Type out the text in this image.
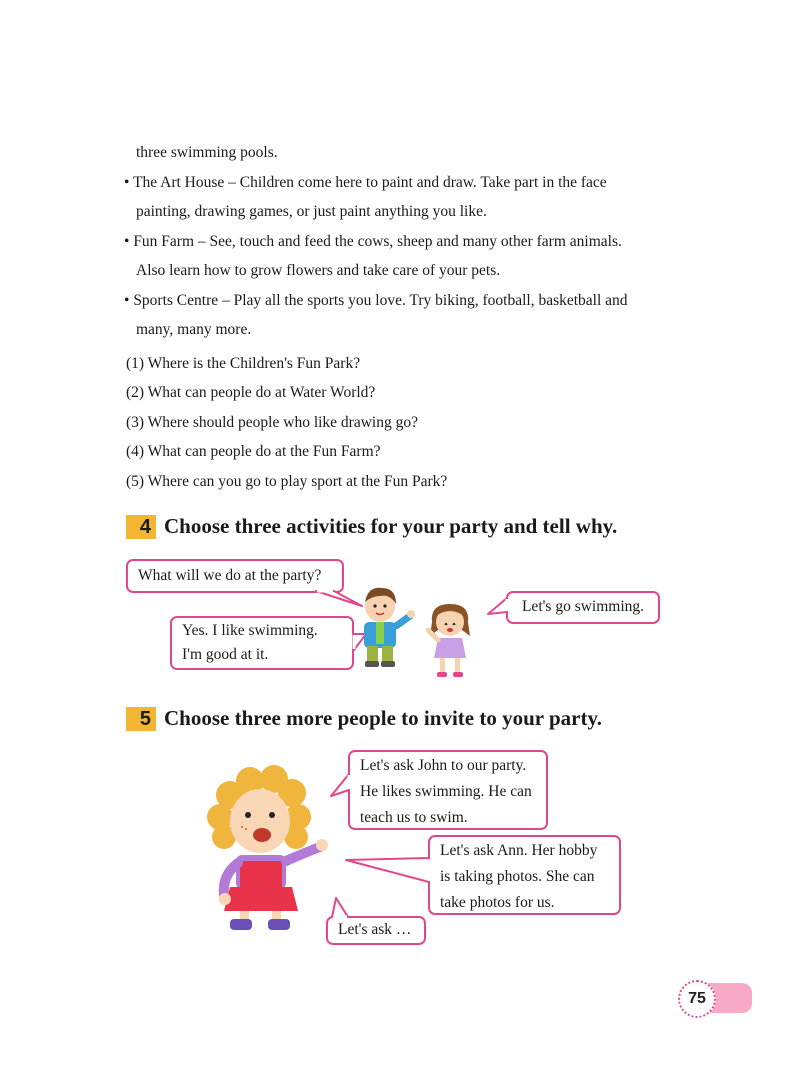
three swimming pools.
• The Art House – Children come here to paint and draw. Take part in the face
painting, drawing games, or just paint anything you like.
• Fun Farm – See, touch and feed the cows, sheep and many other farm animals.
Also learn how to grow flowers and take care of your pets.
• Sports Centre – Play all the sports you love. Try biking, football, basketball and
many, many more.
(1) Where is the Children's Fun Park?
(2) What can people do at Water World?
(3) Where should people who like drawing go?
(4) What can people do at the Fun Farm?
(5) Where can you go to play sport at the Fun Park?
4 Choose three activities for your party and tell why.
What will we do at the party?
Yes. I like swimming.
I'm good at it.
Let's go swimming.
5 Choose three more people to invite to your party.
Let's ask John to our party.
He likes swimming. He can
teach us to swim.
Let's ask Ann. Her hobby
is taking photos. She can
take photos for us.
Let's ask …
75
